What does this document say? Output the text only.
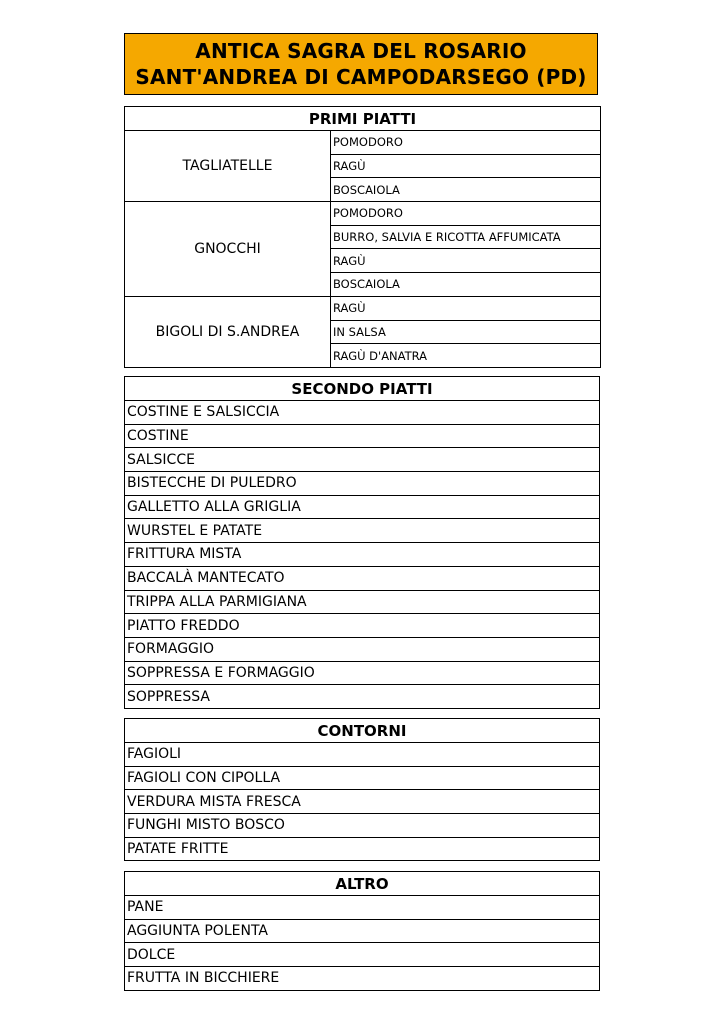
ANTICA SAGRA DEL ROSARIO
SANT'ANDREA DI CAMPODARSEGO (PD)
PRIMI PIATTI	
TAGLIATELLE	POMODORO
	RAGÙ
	BOSCAIOLA
GNOCCHI	POMODORO
	BURRO, SALVIA E RICOTTA AFFUMICATA
	RAGÙ
	BOSCAIOLA
BIGOLI DI S.ANDREA	RAGÙ
	IN SALSA
	RAGÙ D'ANATRA
SECONDO PIATTI
COSTINE E SALSICCIA
COSTINE
SALSICCE
BISTECCHE DI PULEDRO
GALLETTO ALLA GRIGLIA
WURSTEL E PATATE
FRITTURA MISTA
BACCALÀ MANTECATO
TRIPPA ALLA PARMIGIANA
PIATTO FREDDO
FORMAGGIO
SOPPRESSA E FORMAGGIO
SOPPRESSA
CONTORNI
FAGIOLI
FAGIOLI CON CIPOLLA
VERDURA MISTA FRESCA
FUNGHI MISTO BOSCO
PATATE FRITTE
ALTRO
PANE
AGGIUNTA POLENTA
DOLCE
FRUTTA IN BICCHIERE
